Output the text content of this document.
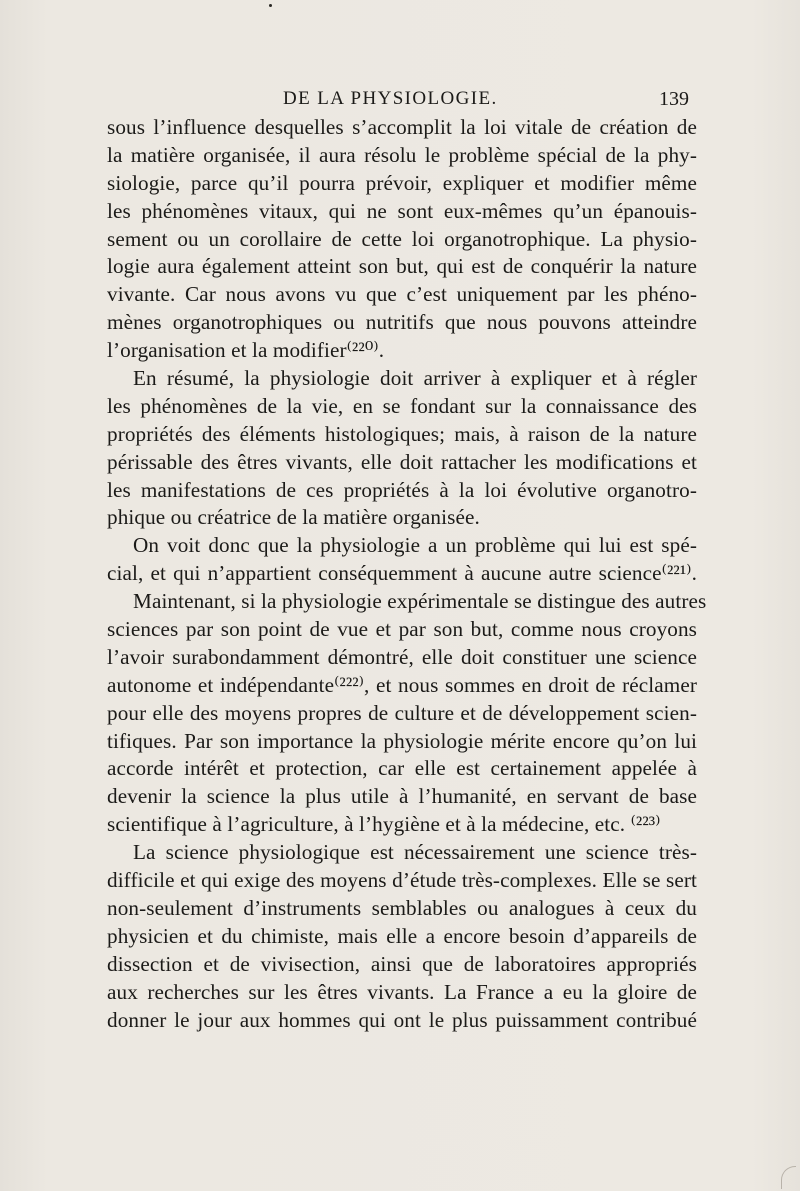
DE LA PHYSIOLOGIE.	139
sous l’influence desquelles s’accomplit la loi vitale de création de
la matière organisée, il aura résolu le problème spécial de la phy-
siologie, parce qu’il pourra prévoir, expliquer et modifier même
les phénomènes vitaux, qui ne sont eux-mêmes qu’un épanouis-
sement ou un corollaire de cette loi organotrophique. La physio-
logie aura également atteint son but, qui est de conquérir la nature
vivante. Car nous avons vu que c’est uniquement par les phéno-
mènes organotrophiques ou nutritifs que nous pouvons atteindre
l’organisation et la modifier⁽²²⁰⁾.
En résumé, la physiologie doit arriver à expliquer et à régler
les phénomènes de la vie, en se fondant sur la connaissance des
propriétés des éléments histologiques; mais, à raison de la nature
périssable des êtres vivants, elle doit rattacher les modifications et
les manifestations de ces propriétés à la loi évolutive organotro-
phique ou créatrice de la matière organisée.
On voit donc que la physiologie a un problème qui lui est spé-
cial, et qui n’appartient conséquemment à aucune autre science⁽²²¹⁾.
Maintenant, si la physiologie expérimentale se distingue des autres
sciences par son point de vue et par son but, comme nous croyons
l’avoir surabondamment démontré, elle doit constituer une science
autonome et indépendante⁽²²²⁾, et nous sommes en droit de réclamer
pour elle des moyens propres de culture et de développement scien-
tifiques. Par son importance la physiologie mérite encore qu’on lui
accorde intérêt et protection, car elle est certainement appelée à
devenir la science la plus utile à l’humanité, en servant de base
scientifique à l’agriculture, à l’hygiène et à la médecine, etc. ⁽²²³⁾
La science physiologique est nécessairement une science très-
difficile et qui exige des moyens d’étude très-complexes. Elle se sert
non-seulement d’instruments semblables ou analogues à ceux du
physicien et du chimiste, mais elle a encore besoin d’appareils de
dissection et de vivisection, ainsi que de laboratoires appropriés
aux recherches sur les êtres vivants. La France a eu la gloire de
donner le jour aux hommes qui ont le plus puissamment contribué
